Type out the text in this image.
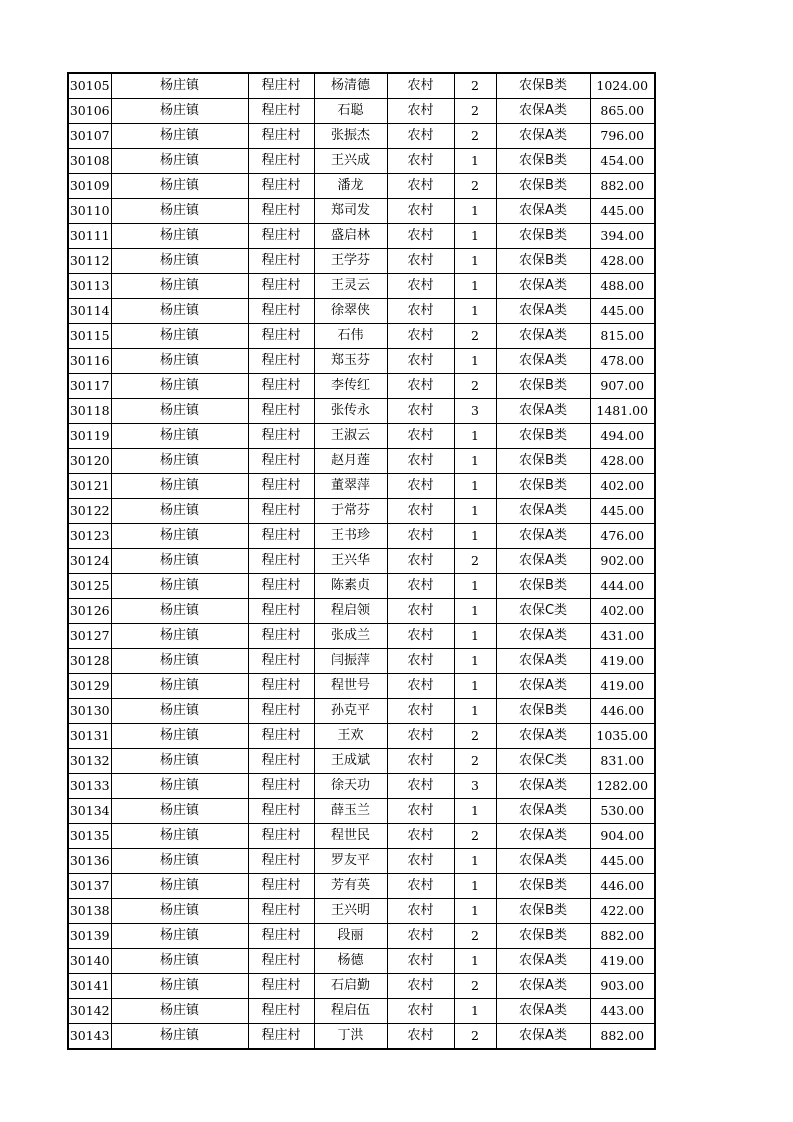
30105	杨庄镇	程庄村	杨清德	农村	2	农保B类	1024.00
30106	杨庄镇	程庄村	石聪	农村	2	农保A类	865.00
30107	杨庄镇	程庄村	张振杰	农村	2	农保A类	796.00
30108	杨庄镇	程庄村	王兴成	农村	1	农保B类	454.00
30109	杨庄镇	程庄村	潘龙	农村	2	农保B类	882.00
30110	杨庄镇	程庄村	郑司发	农村	1	农保A类	445.00
30111	杨庄镇	程庄村	盛启林	农村	1	农保B类	394.00
30112	杨庄镇	程庄村	王学芬	农村	1	农保B类	428.00
30113	杨庄镇	程庄村	王灵云	农村	1	农保A类	488.00
30114	杨庄镇	程庄村	徐翠侠	农村	1	农保A类	445.00
30115	杨庄镇	程庄村	石伟	农村	2	农保A类	815.00
30116	杨庄镇	程庄村	郑玉芬	农村	1	农保A类	478.00
30117	杨庄镇	程庄村	李传红	农村	2	农保B类	907.00
30118	杨庄镇	程庄村	张传永	农村	3	农保A类	1481.00
30119	杨庄镇	程庄村	王淑云	农村	1	农保B类	494.00
30120	杨庄镇	程庄村	赵月莲	农村	1	农保B类	428.00
30121	杨庄镇	程庄村	董翠萍	农村	1	农保B类	402.00
30122	杨庄镇	程庄村	于常芬	农村	1	农保A类	445.00
30123	杨庄镇	程庄村	王书珍	农村	1	农保A类	476.00
30124	杨庄镇	程庄村	王兴华	农村	2	农保A类	902.00
30125	杨庄镇	程庄村	陈素贞	农村	1	农保B类	444.00
30126	杨庄镇	程庄村	程启领	农村	1	农保C类	402.00
30127	杨庄镇	程庄村	张成兰	农村	1	农保A类	431.00
30128	杨庄镇	程庄村	闫振萍	农村	1	农保A类	419.00
30129	杨庄镇	程庄村	程世号	农村	1	农保A类	419.00
30130	杨庄镇	程庄村	孙克平	农村	1	农保B类	446.00
30131	杨庄镇	程庄村	王欢	农村	2	农保A类	1035.00
30132	杨庄镇	程庄村	王成斌	农村	2	农保C类	831.00
30133	杨庄镇	程庄村	徐天功	农村	3	农保A类	1282.00
30134	杨庄镇	程庄村	薛玉兰	农村	1	农保A类	530.00
30135	杨庄镇	程庄村	程世民	农村	2	农保A类	904.00
30136	杨庄镇	程庄村	罗友平	农村	1	农保A类	445.00
30137	杨庄镇	程庄村	芳有英	农村	1	农保B类	446.00
30138	杨庄镇	程庄村	王兴明	农村	1	农保B类	422.00
30139	杨庄镇	程庄村	段丽	农村	2	农保B类	882.00
30140	杨庄镇	程庄村	杨德	农村	1	农保A类	419.00
30141	杨庄镇	程庄村	石启勤	农村	2	农保A类	903.00
30142	杨庄镇	程庄村	程启伍	农村	1	农保A类	443.00
30143	杨庄镇	程庄村	丁洪	农村	2	农保A类	882.00
